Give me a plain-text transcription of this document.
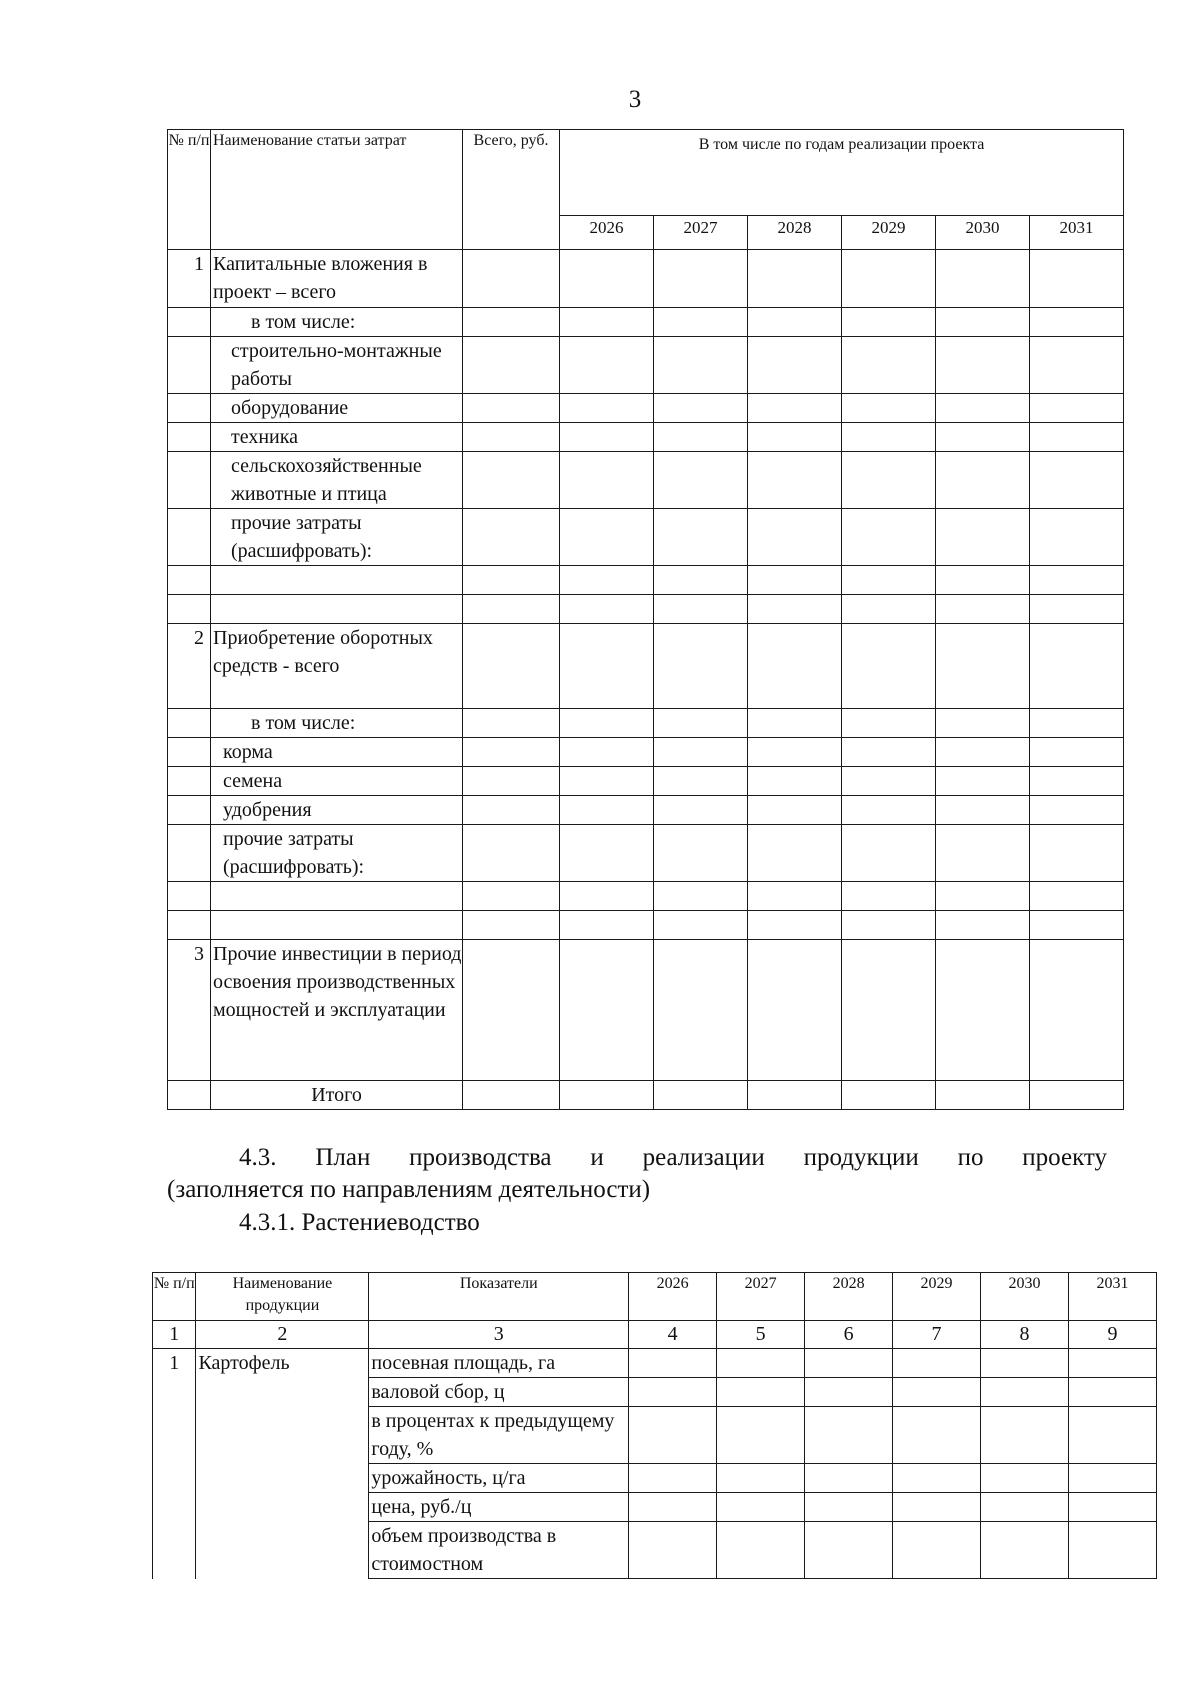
3
№ п/п	Наименование статьи затрат	Всего, руб.	В том числе по годам реализации проекта					
			2026	2027	2028	2029	2030	2031
1	Капитальные вложения в проект – всего							
	в том числе:							
	строительно-монтажные работы							
	оборудование							
	техника							
	сельскохозяйственные животные и птица							
	прочие затраты (расшифровать):							

2	Приобретение оборотных средств - всего							
	в том числе:							
	корма							
	семена							
	удобрения							
	прочие затраты (расшифровать):							

3	Прочие инвестиции в период освоения производственных мощностей и эксплуатации							
	Итого							
4.3. План производства и реализации продукции по проекту
(заполняется по направлениям деятельности)
4.3.1. Растениеводство
№ п/п	Наименование продукции	Показатели	2026	2027	2028	2029	2030	2031
1	2	3	4	5	6	7	8	9
1	Картофель	посевная площадь, га						
		валовой сбор, ц						
		в процентах к предыдущему году, %						
		урожайность, ц/га						
		цена, руб./ц						
		объем производства в стоимостном						
